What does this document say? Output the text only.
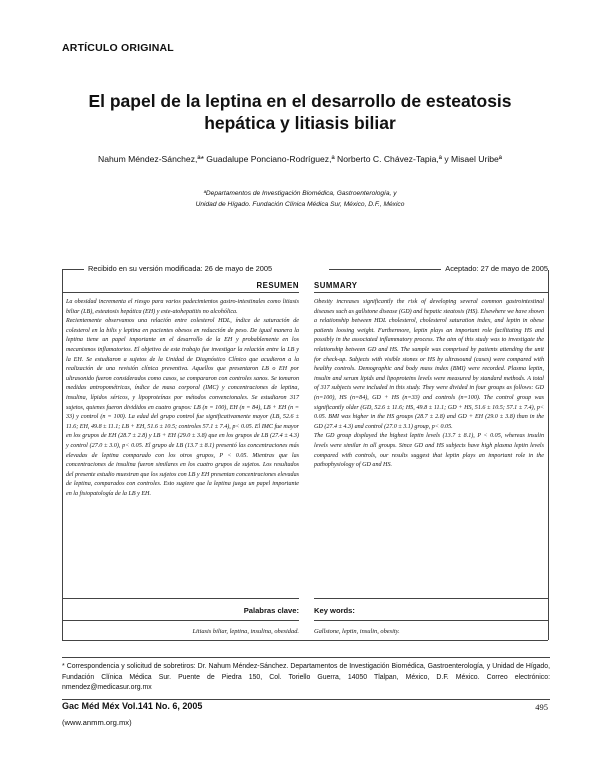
ARTÍCULO ORIGINAL
El papel de la leptina en el desarrollo de esteatosis
hepática y litiasis biliar
Nahum Méndez-Sánchez,ª* Guadalupe Ponciano-Rodríguez,ª Norberto C. Chávez-Tapia,ª y Misael Uribeª
ªDepartamentos de Investigación Biomédica, Gastroenterología, y
Unidad de Hígado. Fundación Clínica Médica Sur, México, D.F., México
Recibido en su versión modificada: 26 de mayo de 2005	Aceptado: 27 de mayo de 2005
RESUMEN SUMMARY

La obesidad incrementa el riesgo para varios padecimientos gastro-intestinales como litiasis biliar (LB), esteatosis hepática (EH) y este-atohepatitis no alcohólica.

Recientemente observamos una relación entre colesterol HDL, índice de saturación de colesterol en la bilis y leptina en pacientes obesos en reducción de peso. De igual manera la leptina tiene un papel importante en el desarrollo de la EH y probablemente en los mecanismos inflamatorios. El objetivo de este trabajo fue investigar la relación entre la LB y la EH. Se estudiaron a sujetos de la Unidad de Diagnóstico Clínico que acudieron a la realización de una revisión clínica preventiva. Aquellos que presentaron LB o EH por ultrasonido fueron considerados como casos, se compararon con controles sanos. Se tomaron medidas antropométricas, índice de masa corporal (IMC) y concentraciones de leptina, insulina, lípidos séricos, y lipoproteínas por métodos convencionales. Se estudiaron 317 sujetos, quienes fueron divididos en cuatro grupos: LB (n = 100), EH (n = 84), LB + EH (n = 33) y control (n = 100). La edad del grupo control fue significativamente mayor (LB, 52.6 ± 11.6; EH, 49.8 ± 11.1; LB + EH, 51.6 ± 10.5; controles 57.1 ± 7.4), p< 0.05. El IMC fue mayor en los grupos de EH (28.7 ± 2.8) y LB + EH (29.0 ± 3.8) que en los grupos de LB (27.4 ± 4.3) y control (27.0 ± 3.0), p< 0.05. El grupo de LB (13.7 ± 8.1) presentó las concentraciones más elevadas de leptina comparado con los otros grupos, P < 0.05. Mientras que las concentraciones de insulina fueron similares en los cuatro grupos de sujetos. Los resultados del presente estudio muestran que los sujetos con LB y EH presentan concentraciones elevadas de leptina, comparados con controles. Esto sugiere que la leptina juega un papel importante en la fisiopatología de la LB y EH.

Obesity increases significantly the risk of developing several common gastrointestinal diseases such as gallstone disease (GD) and hepatic steatosis (HS). Elsewhere we have shown a relationship between HDL cholesterol, cholesterol saturation index, and leptin in obese patients loosing weight. Furthermore, leptin plays an important role facilitating HS and possibly in the associated inflammatory process. The aim of this study was to investigate the relationship between GD and HS. The sample was comprised by patients attending the unit for check-up. Subjects with visible stones or HS by ultrasound (cases) were compared with healthy controls. Demographic and body mass index (BMI) were recorded. Plasma leptin, insulin and serum lipids and lipoproteins levels were measured by standard methods. A total of 317 subjects were included in this study. They were divided in four groups as follows: GD (n=100), HS (n=84), GD + HS (n=33) and controls (n=100). The control group was significantly older (GD, 52.6 ± 11.6; HS, 49.8 ± 11.1; GD + HS, 51.6 ± 10.5; 57.1 ± 7.4), p< 0.05. BMI was higher in the HS groups (28.7 ± 2.8) and GD + EH (29.0 ± 3.8) than in the GD (27.4 ± 4.3) and control (27.0 ± 3.1) group, p< 0.05.

The GD group displayed the highest leptin levels (13.7 ± 8.1), P < 0.05, whereas insulin levels were similar in all groups. Since GD and HS subjects have high plasma leptin levels compared with controls, our results suggest that leptin plays an important role in the pathophysiology of GD and HS.

Palabras clave: Key words:
Litiasis biliar, leptina, insulina, obesidad. Gallstone, leptin, insulin, obesity.
* Correspondencia y solicitud de sobretiros: Dr. Nahum Méndez-Sánchez. Departamentos de Investigación Biomédica, Gastroenterología, y Unidad de Hígado, Fundación Clínica Médica Sur. Puente de Piedra 150, Col. Toriello Guerra, 14050 Tlalpan, México, D.F. México. Correo electrónico: nmendez@medicasur.org.mx
Gac Méd Méx Vol.141 No. 6, 2005	495
(www.anmm.org.mx)
